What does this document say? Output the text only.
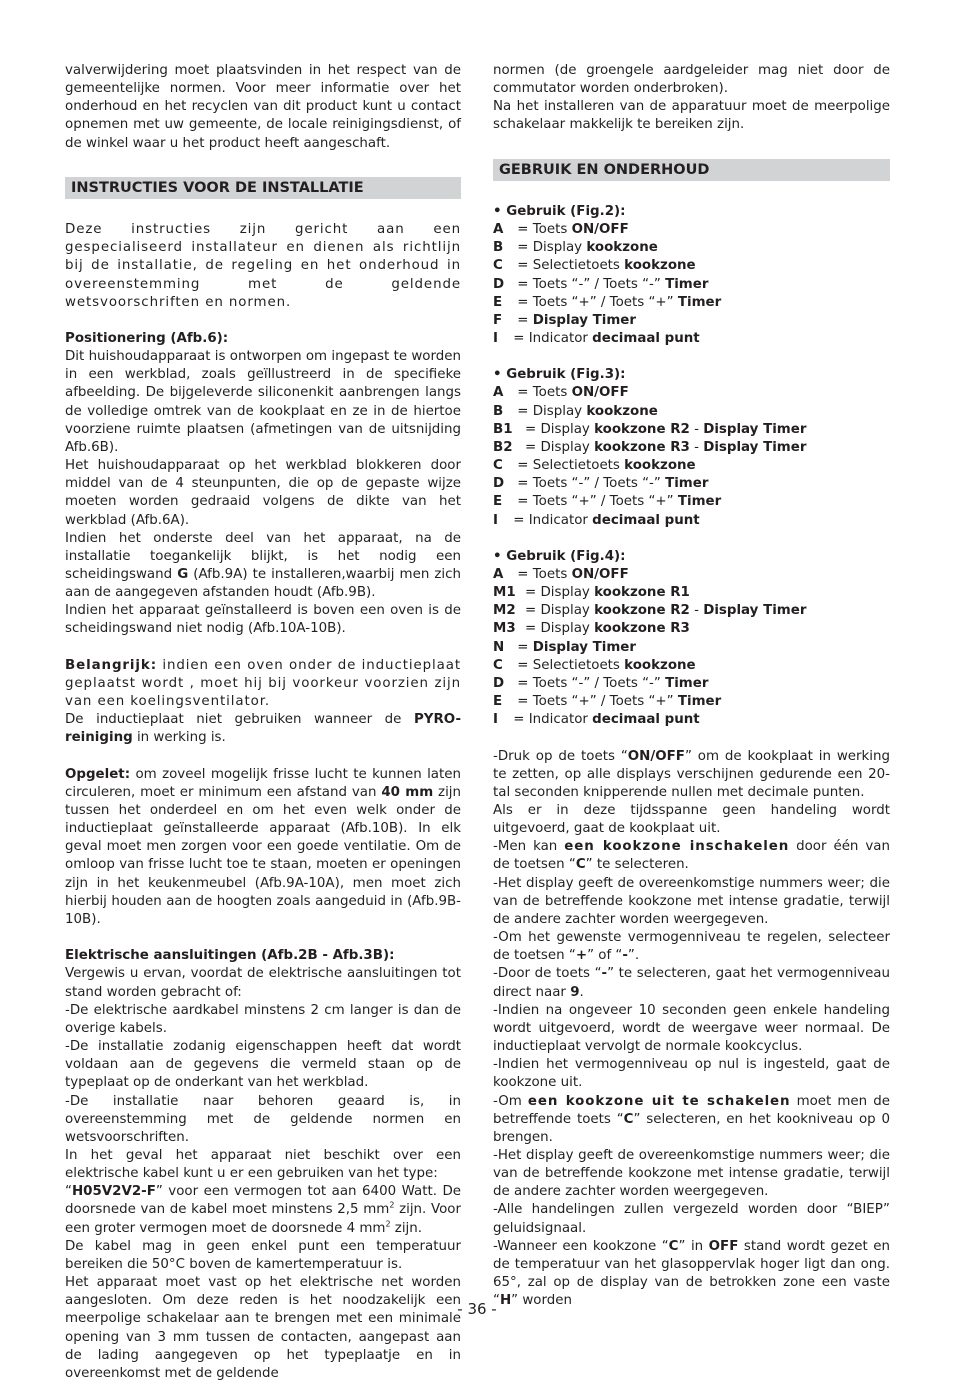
valverwijdering moet plaatsvinden in het respect van de gemeentelijke normen. Voor meer informatie over het onderhoud en het recyclen van dit product kunt u contact opnemen met uw gemeente, de locale reinigingsdienst, of de winkel waar u het product heeft aangeschaft.

INSTRUCTIES VOOR DE INSTALLATIE

Deze instructies zijn gericht aan een gespecialiseerd installateur en dienen als richtlijn bij de installatie, de regeling en het onderhoud in overeenstemming met de geldende wetsvoorschriften en normen.

Positionering (Afb.6):

Dit huishoudapparaat is ontworpen om ingepast te worden in een werkblad, zoals geïllustreerd in de specifieke afbeelding. De bijgeleverde siliconenkit aanbrengen langs de volledige omtrek van de kookplaat en ze in de hiertoe voorziene ruimte plaatsen (afmetingen van de uitsnijding Afb.6B).

Het huishoudapparaat op het werkblad blokkeren door middel van de 4 steunpunten, die op de gepaste wijze moeten worden gedraaid volgens de dikte van het werkblad (Afb.6A).

Indien het onderste deel van het apparaat, na de installatie toegankelijk blijkt, is het nodig een scheidingswand G (Afb.9A) te installeren,waarbij men zich aan de aangegeven afstanden houdt (Afb.9B).

Indien het apparaat geïnstalleerd is boven een oven is de scheidingswand niet nodig (Afb.10A-10B).

Belangrijk: indien een oven onder de inductieplaat geplaatst wordt , moet hij bij voorkeur voorzien zijn van een koelingsventilator.

De inductieplaat niet gebruiken wanneer de PYRO- reiniging in werking is.

Opgelet: om zoveel mogelijk frisse lucht te kunnen laten circuleren, moet er minimum een afstand van 40 mm zijn tussen het onderdeel en om het even welk onder de inductieplaat geïnstalleerde apparaat (Afb.10B). In elk geval moet men zorgen voor een goede ventilatie. Om de omloop van frisse lucht toe te staan, moeten er openingen zijn in het keukenmeubel (Afb.9A-10A), men moet zich hierbij houden aan de hoogten zoals aangeduid in (Afb.9B-10B).

Elektrische aansluitingen (Afb.2B - Afb.3B):

Vergewis u ervan, voordat de elektrische aansluitingen tot stand worden gebracht of:

-De elektrische aardkabel minstens 2 cm langer is dan de overige kabels.

-De installatie zodanig eigenschappen heeft dat wordt voldaan aan de gegevens die vermeld staan op de typeplaat op de onderkant van het werkblad.

-De installatie naar behoren geaard is, in overeenstemming met de geldende normen en wetsvoorschriften.

In het geval het apparaat niet beschikt over een elektrische kabel kunt u er een gebruiken van het type:

“H05V2V2-F” voor een vermogen tot aan 6400 Watt. De doorsnede van de kabel moet minstens 2,5 $mm^2$ zijn. Voor een groter vermogen moet de doorsnede 4 $mm^2$ zijn.

De kabel mag in geen enkel punt een temperatuur bereiken die 50°C boven de kamertemperatuur is.

Het apparaat moet vast op het elektrische net worden aangesloten. Om deze reden is het noodzakelijk een meerpolige schakelaar aan te brengen met een minimale opening van 3 mm tussen de contacten, aangepast aan de lading aangegeven op het typeplaatje en in overeenkomst met de geldende

normen (de groengele aardgeleider mag niet door de commutator worden onderbroken).

Na het installeren van de apparatuur moet de meerpolige schakelaar makkelijk te bereiken zijn.

GEBRUIK EN ONDERHOUD
• Gebruik (Fig.2):
A = Toets ON/OFF
B = Display kookzone
C = Selectietoets kookzone
D = Toets “-” / Toets “-” Timer
E = Toets “+” / Toets “+” Timer
F = Display Timer
I = Indicator decimaal punt
• Gebruik (Fig.3):
A = Toets ON/OFF
B = Display kookzone
B1 = Display kookzone R2 - Display Timer
B2 = Display kookzone R3 - Display Timer
C = Selectietoets kookzone
D = Toets “-” / Toets “-” Timer
E = Toets “+” / Toets “+” Timer
I = Indicator decimaal punt
• Gebruik (Fig.4):
A = Toets ON/OFF
M1 = Display kookzone R1
M2 = Display kookzone R2 - Display Timer
M3 = Display kookzone R3
N = Display Timer
C = Selectietoets kookzone
D = Toets “-” / Toets “-” Timer
E = Toets “+” / Toets “+” Timer
I = Indicator decimaal punt

-Druk op de toets “ON/OFF” om de kookplaat in werking te zetten, op alle displays verschijnen gedurende een 20-tal seconden knipperende nullen met decimale punten.

Als er in deze tijdsspanne geen handeling wordt uitgevoerd, gaat de kookplaat uit.

-Men kan een kookzone inschakelen door één van de toetsen “C” te selecteren.

-Het display geeft de overeenkomstige nummers weer; die van de betreffende kookzone met intense gradatie, terwijl de andere zachter worden weergegeven.

-Om het gewenste vermogenniveau te regelen, selecteer de toetsen “+” of “-”.

-Door de toets “-” te selecteren, gaat het vermogenniveau direct naar 9.

-Indien na ongeveer 10 seconden geen enkele handeling wordt uitgevoerd, wordt de weergave weer normaal. De inductieplaat vervolgt de normale kookcyclus.

-Indien het vermogenniveau op nul is ingesteld, gaat de kookzone uit.

-Om een kookzone uit te schakelen moet men de betreffende toets “C” selecteren, en het kookniveau op 0 brengen.

-Het display geeft de overeenkomstige nummers weer; die van de betreffende kookzone met intense gradatie, terwijl de andere zachter worden weergegeven.

-Alle handelingen zullen vergezeld worden door “BIEP” geluidsignaal.

-Wanneer een kookzone “C” in OFF stand wordt gezet en de temperatuur van het glasoppervlak hoger ligt dan ong. 65°, zal op de display van de betrokken zone een vaste “H” worden

- 36 -
